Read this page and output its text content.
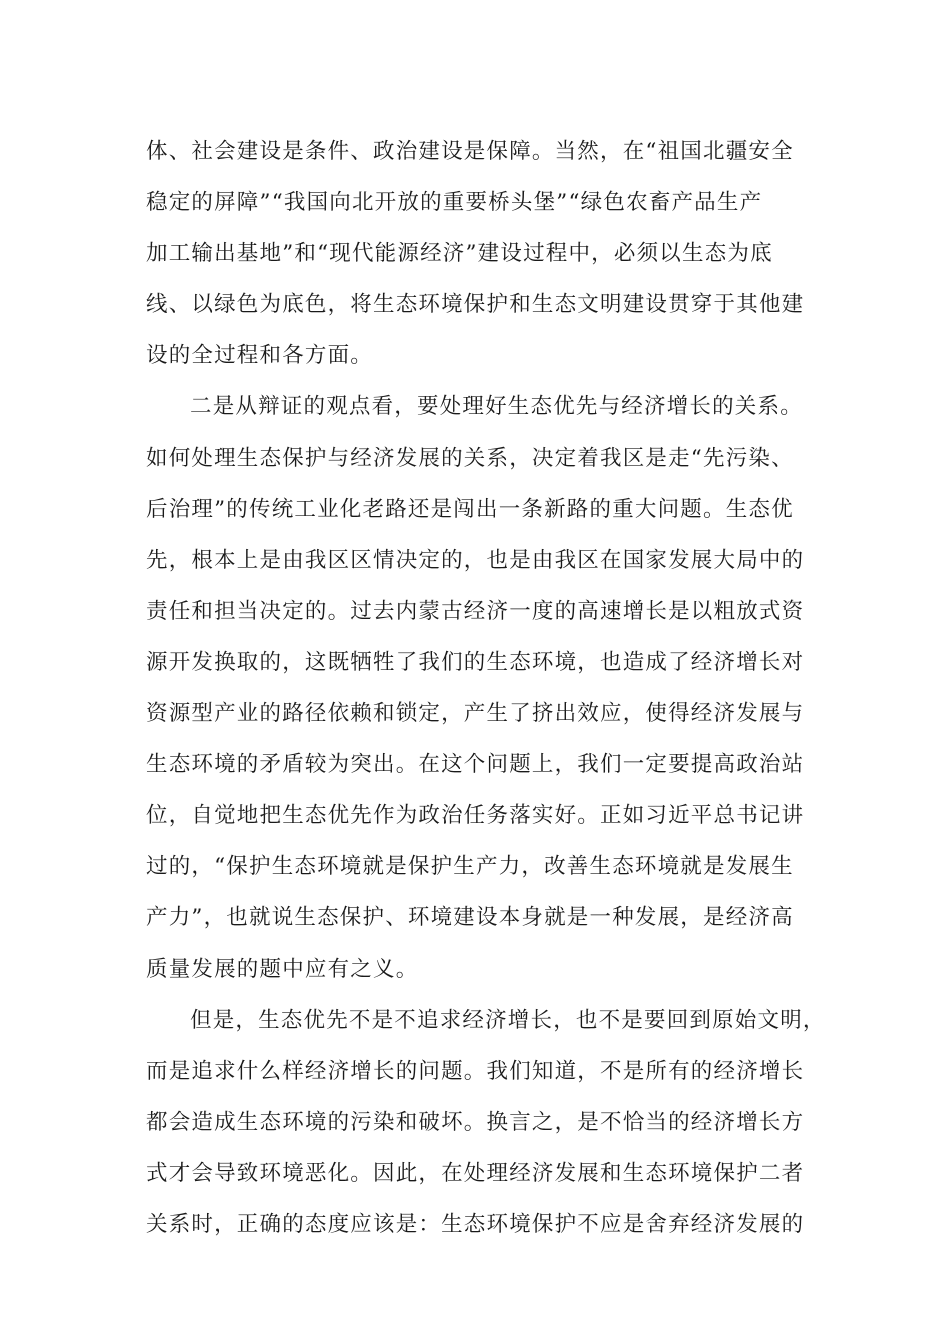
体、社会建设是条件、政治建设是保障。当然，在“祖国北疆安全
稳定的屏障”“我国向北开放的重要桥头堡”“绿色农畜产品生产
加工输出基地”和“现代能源经济”建设过程中，必须以生态为底
线、以绿色为底色，将生态环境保护和生态文明建设贯穿于其他建
设的全过程和各方面。
二是从辩证的观点看，要处理好生态优先与经济增长的关系。
如何处理生态保护与经济发展的关系，决定着我区是走“先污染、
后治理”的传统工业化老路还是闯出一条新路的重大问题。生态优
先，根本上是由我区区情决定的，也是由我区在国家发展大局中的
责任和担当决定的。过去内蒙古经济一度的高速增长是以粗放式资
源开发换取的，这既牺牲了我们的生态环境，也造成了经济增长对
资源型产业的路径依赖和锁定，产生了挤出效应，使得经济发展与
生态环境的矛盾较为突出。在这个问题上，我们一定要提高政治站
位，自觉地把生态优先作为政治任务落实好。正如习近平总书记讲
过的，“保护生态环境就是保护生产力，改善生态环境就是发展生
产力”，也就说生态保护、环境建设本身就是一种发展，是经济高
质量发展的题中应有之义。
但是，生态优先不是不追求经济增长，也不是要回到原始文明，
而是追求什么样经济增长的问题。我们知道，不是所有的经济增长
都会造成生态环境的污染和破坏。换言之，是不恰当的经济增长方
式才会导致环境恶化。因此，在处理经济发展和生态环境保护二者
关系时，正确的态度应该是：生态环境保护不应是舍弃经济发展的
